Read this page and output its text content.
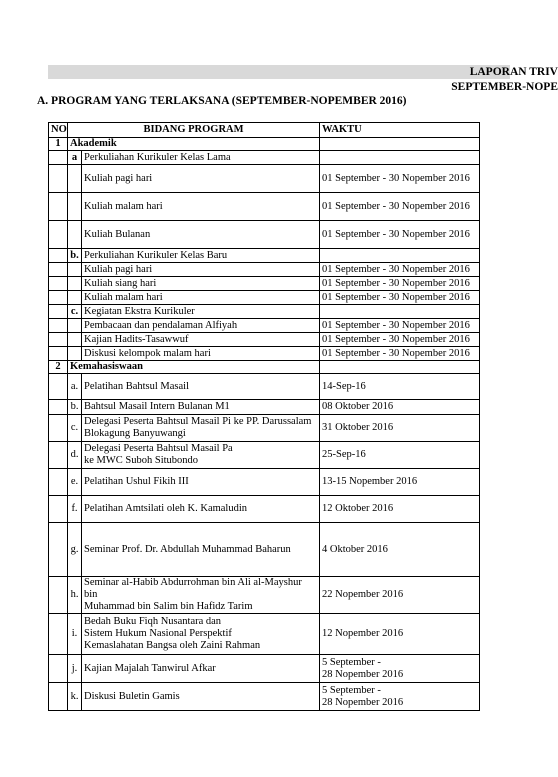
LAPORAN TRIV
SEPTEMBER-NOPE
A. PROGRAM YANG TERLAKSANA (SEPTEMBER-NOPEMBER 2016)
NO	BIDANG PROGRAM		WAKTU
1	Akademik		
	a	Perkuliahan Kurikuler Kelas Lama	
		Kuliah pagi hari	01 September - 30 Nopember 2016
		Kuliah malam hari	01 September - 30 Nopember 2016
		Kuliah Bulanan	01 September - 30 Nopember 2016
	b.	Perkuliahan Kurikuler Kelas Baru	
		Kuliah pagi hari	01 September - 30 Nopember 2016
		Kuliah siang hari	01 September - 30 Nopember 2016
		Kuliah malam hari	01 September - 30 Nopember 2016
	c.	Kegiatan Ekstra Kurikuler	
		Pembacaan dan pendalaman Alfiyah	01 September - 30 Nopember 2016
		Kajian Hadits-Tasawwuf	01 September - 30 Nopember 2016
		Diskusi kelompok malam hari	01 September - 30 Nopember 2016
2	Kemahasiswaan		
	a.	Pelatihan Bahtsul Masail	14-Sep-16
	b.	Bahtsul Masail Intern Bulanan M1	08 Oktober 2016
	c.	Delegasi Peserta Bahtsul Masail Pi ke PP. Darussalam
Blokagung Banyuwangi	31 Oktober 2016
	d.	Delegasi Peserta Bahtsul Masail Pa
ke MWC Suboh Situbondo	25-Sep-16
	e.	Pelatihan Ushul Fikih III	13-15 Nopember 2016
	f.	Pelatihan Amtsilati oleh K. Kamaludin	12 Oktober 2016
	g.	Seminar Prof. Dr. Abdullah Muhammad Baharun	4 Oktober 2016
	h.	Seminar al-Habib Abdurrohman bin Ali al-Mayshur bin
Muhammad bin Salim bin Hafidz Tarim	22 Nopember 2016
	i.	Bedah Buku Fiqh Nusantara dan
Sistem Hukum Nasional Perspektif
Kemaslahatan Bangsa oleh Zaini Rahman	12 Nopember 2016
	j.	Kajian Majalah Tanwirul Afkar	5 September -
28 Nopember 2016
	k.	Diskusi Buletin Gamis	5 September -
28 Nopember 2016
